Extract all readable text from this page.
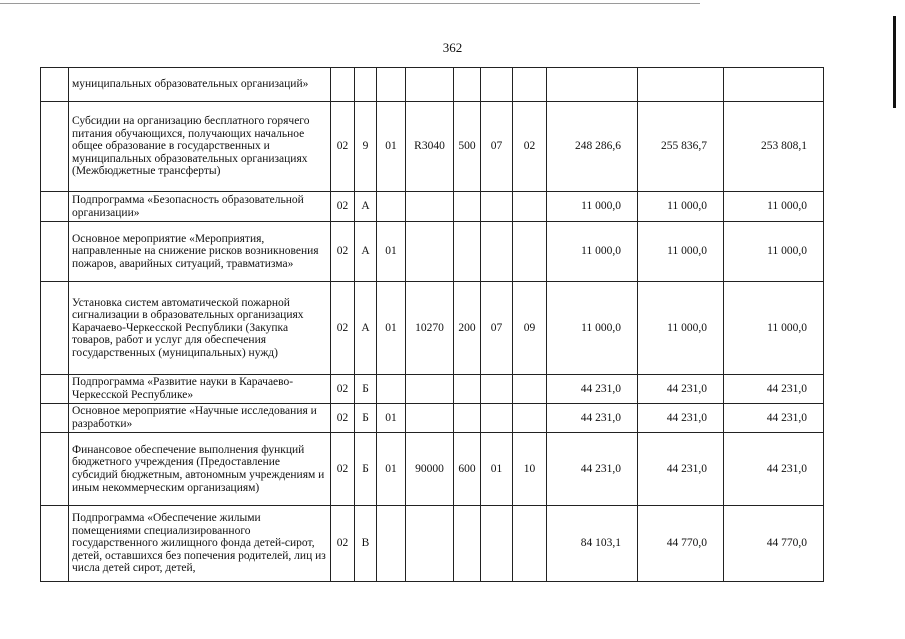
362
	муниципальных образовательных организаций»										
	Субсидии на организацию бесплатного горячего питания обучающихся, получающих начальное общее образование в государственных и муниципальных образовательных организациях (Межбюджетные трансферты)	02	9	01	R3040	500	07	02	248 286,6	255 836,7	253 808,1
	Подпрограмма «Безопасность образовательной организации»	02	А						11 000,0	11 000,0	11 000,0
	Основное мероприятие «Мероприятия, направленные на снижение рисков возникновения пожаров, аварийных ситуаций, травматизма»	02	А	01					11 000,0	11 000,0	11 000,0
	Установка систем автоматической пожарной сигнализации в образовательных организациях Карачаево-Черкесской Республики (Закупка товаров, работ и услуг для обеспечения государственных (муниципальных) нужд)	02	А	01	10270	200	07	09	11 000,0	11 000,0	11 000,0
	Подпрограмма «Развитие науки в Карачаево-Черкесской Республике»	02	Б						44 231,0	44 231,0	44 231,0
	Основное мероприятие «Научные исследования и разработки»	02	Б	01					44 231,0	44 231,0	44 231,0
	Финансовое обеспечение выполнения функций бюджетного учреждения (Предоставление субсидий бюджетным, автономным учреждениям и иным некоммерческим организациям)	02	Б	01	90000	600	01	10	44 231,0	44 231,0	44 231,0
	Подпрограмма «Обеспечение жилыми помещениями специализированного государственного жилищного фонда детей-сирот, детей, оставшихся без попечения родителей, лиц из числа детей сирот, детей,	02	В						84 103,1	44 770,0	44 770,0
